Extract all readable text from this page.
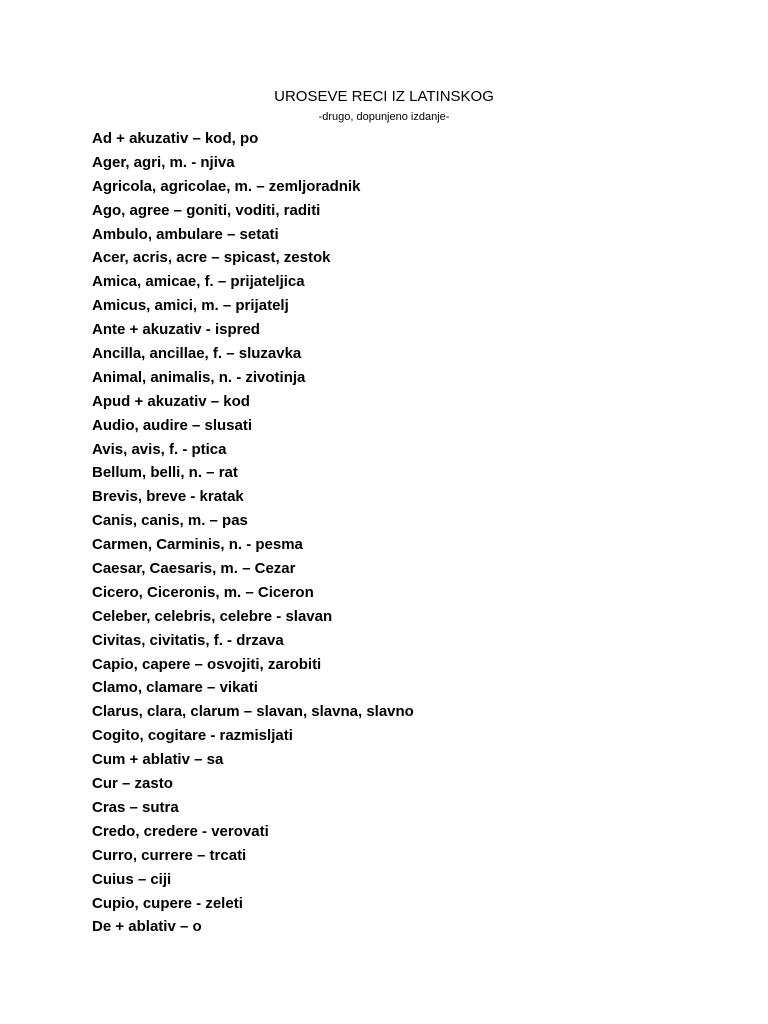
UROSEVE RECI IZ LATINSKOG

-drugo, dopunjeno izdanje-

Ad + akuzativ – kod, po
Ager, agri, m. - njiva
Agricola, agricolae, m. – zemljoradnik
Ago, agree – goniti, voditi, raditi
Ambulo, ambulare – setati
Acer, acris, acre – spicast, zestok
Amica, amicae, f. – prijateljica
Amicus, amici, m. – prijatelj
Ante + akuzativ - ispred
Ancilla, ancillae, f. – sluzavka
Animal, animalis, n. - zivotinja
Apud + akuzativ – kod
Audio, audire – slusati
Avis, avis, f. - ptica
Bellum, belli, n. – rat
Brevis, breve - kratak
Canis, canis, m. – pas
Carmen, Carminis, n. - pesma
Caesar, Caesaris, m. – Cezar
Cicero, Ciceronis, m. – Ciceron
Celeber, celebris, celebre - slavan
Civitas, civitatis, f. - drzava
Capio, capere – osvojiti, zarobiti
Clamo, clamare – vikati
Clarus, clara, clarum – slavan, slavna, slavno
Cogito, cogitare - razmisljati
Cum + ablativ – sa
Cur – zasto
Cras – sutra
Credo, credere - verovati
Curro, currere – trcati
Cuius – ciji
Cupio, cupere - zeleti
De + ablativ – o
